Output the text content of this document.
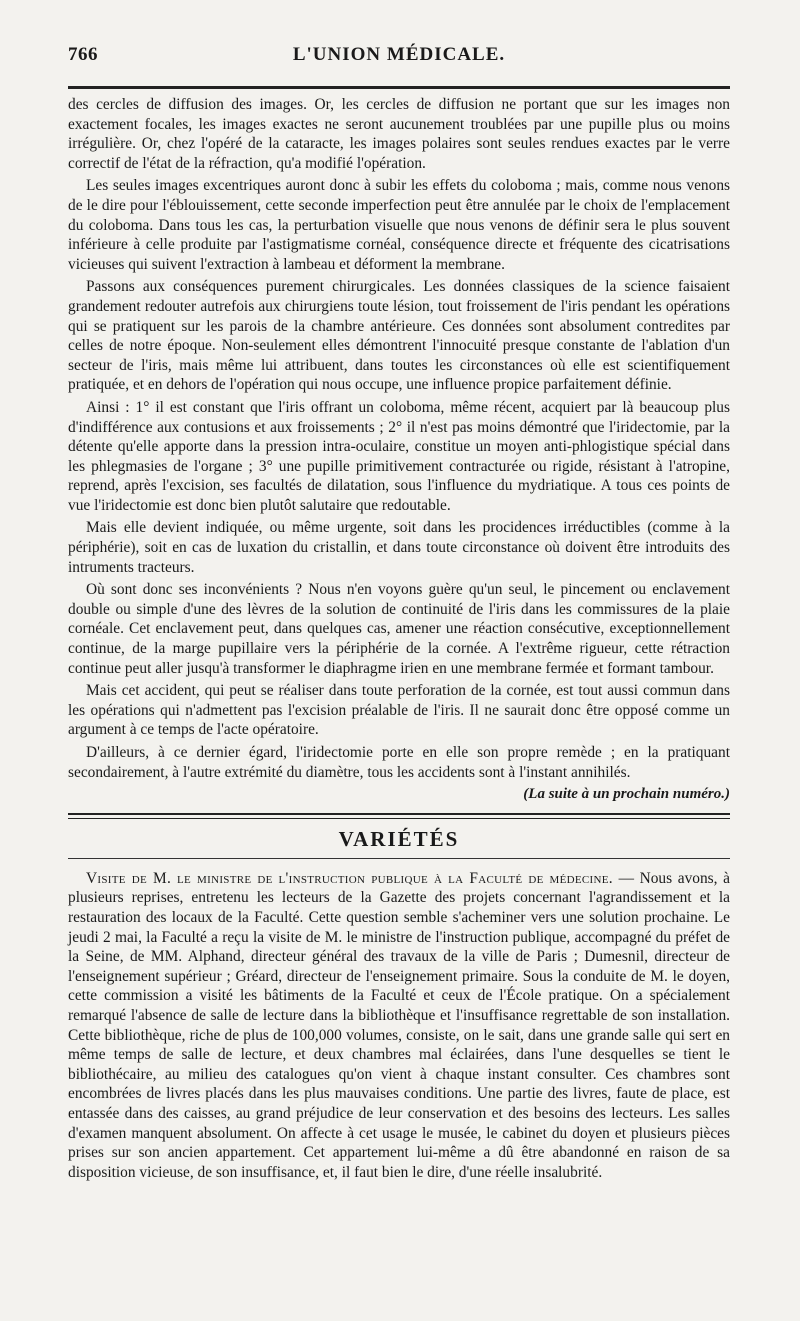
766	L'UNION MÉDICALE.

des cercles de diffusion des images. Or, les cercles de diffusion ne portant que sur les images non exactement focales, les images exactes ne seront aucunement troublées par une pupille plus ou moins irrégulière. Or, chez l'opéré de la cataracte, les images polaires sont seules rendues exactes par le verre correctif de l'état de la réfraction, qu'a modifié l'opération.

Les seules images excentriques auront donc à subir les effets du coloboma ; mais, comme nous venons de le dire pour l'éblouissement, cette seconde imperfection peut être annulée par le choix de l'emplacement du coloboma. Dans tous les cas, la perturbation visuelle que nous venons de définir sera le plus souvent inférieure à celle produite par l'astigmatisme cornéal, conséquence directe et fréquente des cicatrisations vicieuses qui suivent l'extraction à lambeau et déforment la membrane.

Passons aux conséquences purement chirurgicales. Les données classiques de la science faisaient grandement redouter autrefois aux chirurgiens toute lésion, tout froissement de l'iris pendant les opérations qui se pratiquent sur les parois de la chambre antérieure. Ces données sont absolument contredites par celles de notre époque. Non-seulement elles démontrent l'innocuité presque constante de l'ablation d'un secteur de l'iris, mais même lui attribuent, dans toutes les circonstances où elle est scientifiquement pratiquée, et en dehors de l'opération qui nous occupe, une influence propice parfaitement définie.

Ainsi : 1° il est constant que l'iris offrant un coloboma, même récent, acquiert par là beaucoup plus d'indifférence aux contusions et aux froissements ; 2° il n'est pas moins démontré que l'iridectomie, par la détente qu'elle apporte dans la pression intra-oculaire, constitue un moyen anti-phlogistique spécial dans les phlegmasies de l'organe ; 3° une pupille primitivement contracturée ou rigide, résistant à l'atropine, reprend, après l'excision, ses facultés de dilatation, sous l'influence du mydriatique. A tous ces points de vue l'iridectomie est donc bien plutôt salutaire que redoutable.

Mais elle devient indiquée, ou même urgente, soit dans les procidences irréductibles (comme à la périphérie), soit en cas de luxation du cristallin, et dans toute circonstance où doivent être introduits des intruments tracteurs.

Où sont donc ses inconvénients ? Nous n'en voyons guère qu'un seul, le pincement ou enclavement double ou simple d'une des lèvres de la solution de continuité de l'iris dans les commissures de la plaie cornéale. Cet enclavement peut, dans quelques cas, amener une réaction consécutive, exceptionnellement continue, de la marge pupillaire vers la périphérie de la cornée. A l'extrême rigueur, cette rétraction continue peut aller jusqu'à transformer le diaphragme irien en une membrane fermée et formant tambour.

Mais cet accident, qui peut se réaliser dans toute perforation de la cornée, est tout aussi commun dans les opérations qui n'admettent pas l'excision préalable de l'iris. Il ne saurait donc être opposé comme un argument à ce temps de l'acte opératoire.

D'ailleurs, à ce dernier égard, l'iridectomie porte en elle son propre remède ; en la pratiquant secondairement, à l'autre extrémité du diamètre, tous les accidents sont à l'instant annihilés.

(La suite à un prochain numéro.)
VARIÉTÉS

Visite de M. le ministre de l'instruction publique à la Faculté de médecine. — Nous avons, à plusieurs reprises, entretenu les lecteurs de la Gazette des projets concernant l'agrandissement et la restauration des locaux de la Faculté. Cette question semble s'acheminer vers une solution prochaine. Le jeudi 2 mai, la Faculté a reçu la visite de M. le ministre de l'instruction publique, accompagné du préfet de la Seine, de MM. Alphand, directeur général des travaux de la ville de Paris ; Dumesnil, directeur de l'enseignement supérieur ; Gréard, directeur de l'enseignement primaire. Sous la conduite de M. le doyen, cette commission a visité les bâtiments de la Faculté et ceux de l'École pratique. On a spécialement remarqué l'absence de salle de lecture dans la bibliothèque et l'insuffisance regrettable de son installation. Cette bibliothèque, riche de plus de 100,000 volumes, consiste, on le sait, dans une grande salle qui sert en même temps de salle de lecture, et deux chambres mal éclairées, dans l'une desquelles se tient le bibliothécaire, au milieu des catalogues qu'on vient à chaque instant consulter. Ces chambres sont encombrées de livres placés dans les plus mauvaises conditions. Une partie des livres, faute de place, est entassée dans des caisses, au grand préjudice de leur conservation et des besoins des lecteurs. Les salles d'examen manquent absolument. On affecte à cet usage le musée, le cabinet du doyen et plusieurs pièces prises sur son ancien appartement. Cet appartement lui-même a dû être abandonné en raison de sa disposition vicieuse, de son insuffisance, et, il faut bien le dire, d'une réelle insalubrité.
